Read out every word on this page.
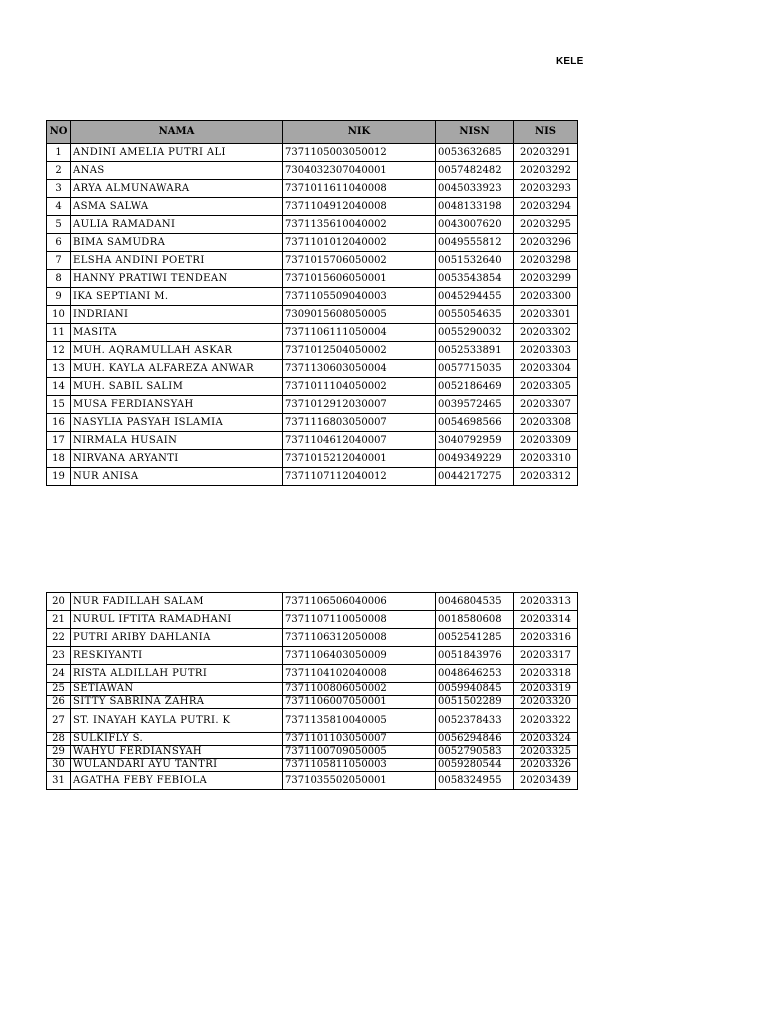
KELE
NO	NAMA	NIK	NISN	NIS
1	ANDINI AMELIA PUTRI ALI	7371105003050012	0053632685	20203291
2	ANAS	7304032307040001	0057482482	20203292
3	ARYA ALMUNAWARA	7371011611040008	0045033923	20203293
4	ASMA SALWA	7371104912040008	0048133198	20203294
5	AULIA RAMADANI	7371135610040002	0043007620	20203295
6	BIMA SAMUDRA	7371101012040002	0049555812	20203296
7	ELSHA ANDINI POETRI	7371015706050002	0051532640	20203298
8	HANNY PRATIWI TENDEAN	7371015606050001	0053543854	20203299
9	IKA SEPTIANI M.	7371105509040003	0045294455	20203300
10	INDRIANI	7309015608050005	0055054635	20203301
11	MASITA	7371106111050004	0055290032	20203302
12	MUH. AQRAMULLAH ASKAR	7371012504050002	0052533891	20203303
13	MUH. KAYLA ALFAREZA ANWAR	7371130603050004	0057715035	20203304
14	MUH. SABIL SALIM	7371011104050002	0052186469	20203305
15	MUSA FERDIANSYAH	7371012912030007	0039572465	20203307
16	NASYLIA PASYAH ISLAMIA	7371116803050007	0054698566	20203308
17	NIRMALA HUSAIN	7371104612040007	3040792959	20203309
18	NIRVANA ARYANTI	7371015212040001	0049349229	20203310
19	NUR ANISA	7371107112040012	0044217275	20203312
20	NUR FADILLAH SALAM	7371106506040006	0046804535	20203313
21	NURUL IFTITA RAMADHANI	7371107110050008	0018580608	20203314
22	PUTRI ARIBY DAHLANIA	7371106312050008	0052541285	20203316
23	RESKIYANTI	7371106403050009	0051843976	20203317
24	RISTA ALDILLAH PUTRI	7371104102040008	0048646253	20203318
25	SETIAWAN	7371100806050002	0059940845	20203319
26	SITTY SABRINA ZAHRA	7371106007050001	0051502289	20203320
27	ST. INAYAH KAYLA PUTRI. K	7371135810040005	0052378433	20203322
28	SULKIFLY S.	7371101103050007	0056294846	20203324
29	WAHYU FERDIANSYAH	7371100709050005	0052790583	20203325
30	WULANDARI AYU TANTRI	7371105811050003	0059280544	20203326
31	AGATHA FEBY FEBIOLA	7371035502050001	0058324955	20203439
